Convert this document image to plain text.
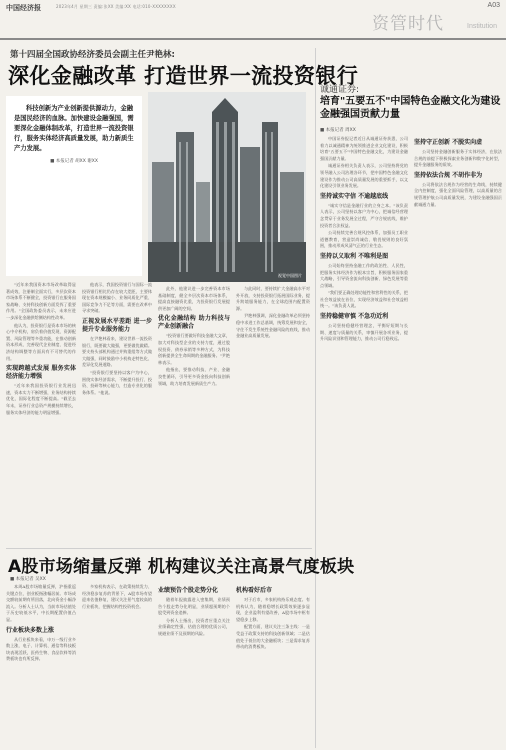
中国经济报	2023年4月 星期三 责编:张XX 美编:XX 电话:010-XXXXXXXX	A03
资管时代	Institution
第十四届全国政协经济委员会副主任尹艳林:
深化金融改革 打造世界一流投资银行

科技创新为产业创新提供源动力，金融是国民经济的血脉。加快建设金融强国，需要深化金融体制改革，打造世界一流投资银行，服务实体经济高质量发展，助力新质生产力发展。

■ 本报记者 胡XX 谢XX

视觉中国图片

"近年来我国资本市场改革取得显著成效，注册制全面实行，多层次资本市场体系不断健全，投资银行在服务国家战略、支持科技创新方面发挥了重要作用。"全国政协委员表示，未来应进一步深化金融供给侧结构性改革。

他认为，投资银行是资本市场的核心中介机构，肩负着价值发现、资源配置、风险管理等多重功能，在推动创新资本形成、完善现代企业制度、促进经济结构调整等方面具有不可替代的作用。

实现跨越式发展 服务实体经济能力增强

"近年来我国投资银行业发展迅速，资本实力不断增强，业务结构持续优化，国际化程度不断提高。"截至去年末，证券行业总资产规模持续增长，服务实体经济的能力明显增强。

他表示，我国投资银行与国际一流投资银行相比仍存在较大差距，主要体现在资本规模偏小、业务同质化严重、国际竞争力不足等方面，需要在改革中寻求突破。

正视发展水平差距 进一步提升专业服务能力

在尹艳林看来，建设世界一流投资银行，既要做大做强，更要做优做精。要支持头部机构通过并购重组等方式做大做强，同时鼓励中小机构走特色化、差异化发展道路。

"投资银行要坚持以客户为中心，围绕实体经济需求，不断提升投行、投资、投研等核心能力，打造专业化的服务体系。"他说。

此外，他建议进一步完善资本市场基础制度，健全多层次资本市场体系，提高直接融资比重，为投资银行发展提供更加广阔的空间。

优化金融结构 助力科技与产业创新融合

"投资银行要做好科技金融大文章，加大对科技型企业的支持力度，通过股权投资、债券承销等多种方式，为科技创新提供全生命周期的金融服务。"尹艳林表示。

他指出，要推动科技、产业、金融良性循环，引导更多资金投向科技创新领域，助力培育发展新质生产力。

与此同时，要持续扩大金融高水平对外开放，支持投资银行拓展国际业务，提升跨境服务能力，在全球范围内配置资源。

尹艳林强调，深化金融改革必须坚持稳中求进工作总基调，统筹发展和安全，守住不发生系统性金融风险的底线，推动金融业高质量发展。

诚通证券:
培育"五要五不"中国特色金融文化为建设金融强国贡献力量
■ 本报记者 周XX

中国证券报记者近日从诚通证券获悉，公司着力以诚通精神为统领推进企业文化建设，积极培育"五要五不"中国特色金融文化，为建设金融强国贡献力量。

诚通证券相关负责人表示，公司坚持将党的领导融入公司治理各环节，把中国特色金融文化建设作为推动公司高质量发展的重要抓手，以文化建设引领业务发展。

坚持诚实守信 不逾越底线

"诚实守信是金融行业的立身之本。"该负责人表示，公司坚持以客户为中心，把诚信经营理念贯穿于业务发展全过程，严守合规底线，维护投资者合法权益。

公司持续完善合规风控体系，加强员工职业道德教育，营造崇尚诚信、敬畏规则的良好氛围，推动形成风清气正的行业生态。

坚持以义取利 不唯利是图

公司始终坚持金融工作的政治性、人民性，把服务实体经济作为根本宗旨，积极服务国家重大战略，引导资金流向科技创新、绿色发展等重点领域。

"我们要正确处理功能性和营利性的关系，把社会效益放在首位，实现经济效益和社会效益相统一。"该负责人说。

坚持稳健审慎 不急功近利

公司坚持稳健经营理念，平衡好短期与长期、速度与质量的关系，审慎开展各项业务，提升风险识别和管理能力，推动公司行稳致远。

坚持守正创新 不脱实向虚

公司坚持金融创新服务于实体经济，在依法合规的前提下积极探索业务创新和数字化转型，提升金融服务的质效。

坚持依法合规 不胡作非为

公司将依法合规作为经营的生命线，持续健全内控制度，强化全面风险管理，以高质量的合规管理护航公司高质量发展，为建设金融强国贡献诚通力量。

A股市场缩量反弹 机构建议关注高景气度板块
■ 本报记者 吴XX

本周A股市场缩量反弹，沪指重返关键点位，创业板指涨幅居前。市场成交额较前期有所回落，北向资金小幅净流入。分析人士认为，当前市场估值处于历史较低水平，中长期配置价值凸显。

行业板块多数上涨

从行业板块来看，申万一级行业多数上涨，电子、计算机、通信等科技板块表现活跃，医药生物、食品饮料等消费板块也有所反弹。

多家机构表示，在政策持续发力、经济稳步复苏的背景下，A股市场有望迎来估值修复，建议关注景气度较高的行业板块，把握结构性投资机会。

业绩预告个股走势分化

随着年报披露进入密集期，业绩预告个股走势分化明显，业绩超预期的个股受到资金追捧。

分析人士指出，投资者应重点关注业绩确定性强、估值合理的优质公司，规避业绩不及预期的风险。

机构看好后市

对于后市，多家机构持乐观态度。有机构认为，随着稳增长政策效果逐步显现，企业盈利有望改善，A股市场中枢有望稳步上移。

配置方面，建议关注三条主线：一是受益于政策支持的科技创新领域；二是估值处于低位的大金融板块；三是需求复苏带动的消费板块。
